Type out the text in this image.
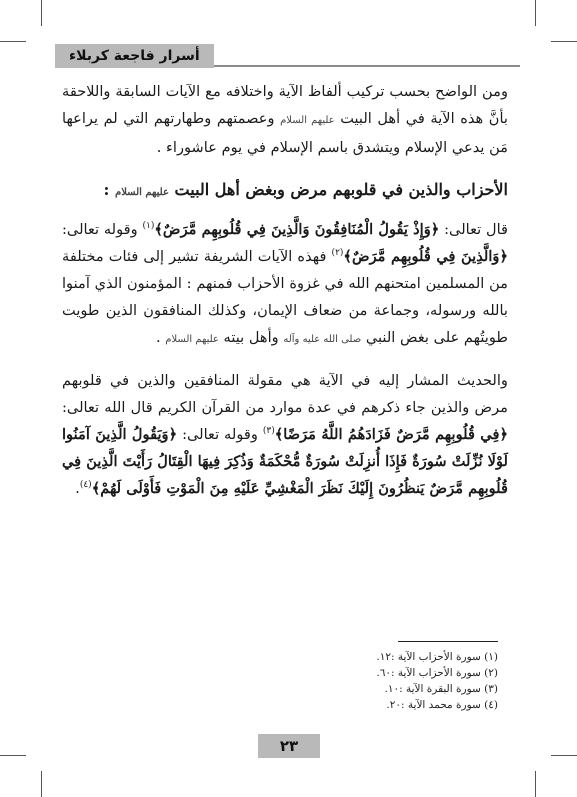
أسرار فاجعة كربلاء

ومن الواضح بحسب تركيب ألفاظ الآية واختلافه مع الآيات السابقة واللاحقة بأنَّ هذه الآية في أهل البيت عليهم السلام وعصمتهم وطهارتهم التي لم يراعها مَن يدعي الإسلام ويتشدق باسم الإسلام في يوم عاشوراء .

الأحزاب والذين في قلوبهم مرض وبغض أهل البيت عليهم السلام :

قال تعالى: ﴿وَإِذْ يَقُولُ الْمُنَافِقُونَ وَالَّذِينَ فِي قُلُوبِهِم مَّرَضٌ﴾$^{(١)}$ وقوله تعالى: ﴿وَالَّذِينَ فِي قُلُوبِهِم مَّرَضٌ﴾$^{(٢)}$ فهذه الآيات الشريفة تشير إلى فئات مختلفة من المسلمين امتحنهم الله في غزوة الأحزاب فمنهم : المؤمنون الذي آمنوا بالله ورسوله، وجماعة من ضعاف الإيمان، وكذلك المنافقون الذين طويت طويتُهم على بغض النبي صلى الله عليه وآله وأهل بيته عليهم السلام .

والحديث المشار إليه في الآية هي مقولة المنافقين والذين في قلوبهم مرض والذين جاء ذكرهم في عدة موارد من القرآن الكريم قال الله تعالى: ﴿فِي قُلُوبِهِم مَّرَضٌ فَزَادَهُمُ اللَّهُ مَرَضًا﴾$^{(٣)}$ وقوله تعالى: ﴿وَيَقُولُ الَّذِينَ آمَنُوا لَوْلَا نُزِّلَتْ سُورَةٌ فَإِذَا أُنزِلَتْ سُورَةٌ مُّحْكَمَةٌ وَذُكِرَ فِيهَا الْقِتَالُ رَأَيْتَ الَّذِينَ فِي قُلُوبِهِم مَّرَضٌ يَنظُرُونَ إِلَيْكَ نَظَرَ الْمَغْشِيِّ عَلَيْهِ مِنَ الْمَوْتِ فَأَوْلَى لَهُمْ﴾$^{(٤)}$.

(١) سورة الأحزاب الآية :١٢.
(٢) سورة الأحزاب الآية :٦٠.
(٣) سورة البقرة الآية :١٠.
(٤) سورة محمد الآية :٢٠.
٢٣
